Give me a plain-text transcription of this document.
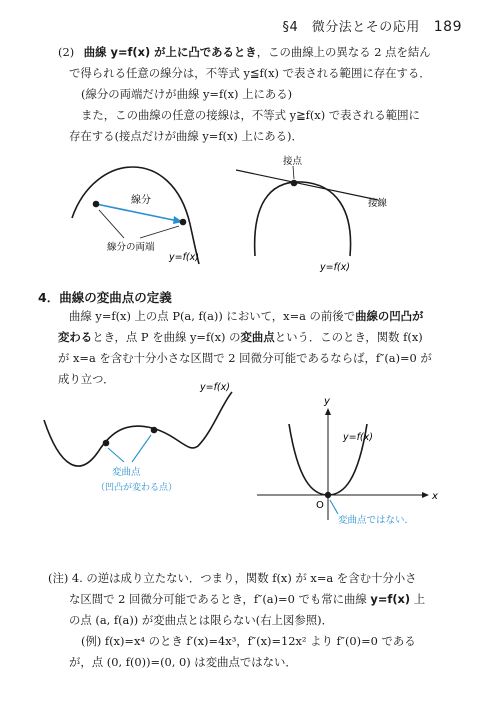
§4　微分法とその応用 189
(2) 曲線 y=f(x) が上に凸であるとき，この曲線上の異なる 2 点を結ん
で得られる任意の線分は，不等式 y≦f(x) で表される範囲に存在する．
(線分の両端だけが曲線 y=f(x) 上にある)
また，この曲線の任意の接線は，不等式 y≧f(x) で表される範囲に
存在する(接点だけが曲線 y=f(x) 上にある)．
線分
線分の両端
y=f(x)
接点
接線
y=f(x)
4．曲線の変曲点の定義
曲線 y=f(x) 上の点 P(a, f(a)) において，x=a の前後で曲線の凹凸が
変わるとき，点 P を曲線 y=f(x) の変曲点という．このとき，関数 f(x)
が x=a を含む十分小さな区間で 2 回微分可能であるならば，f″(a)=0 が
成り立つ．
y=f(x)
変曲点
（凹凸が変わる点）
x
y
O
y=f(x)
変曲点ではない．
(注) 4. の逆は成り立たない．つまり，関数 f(x) が x=a を含む十分小さ
な区間で 2 回微分可能であるとき，f″(a)=0 でも常に曲線 y=f(x) 上
の点 (a, f(a)) が変曲点とは限らない(右上図参照)．
(例) f(x)=x⁴ のとき f′(x)=4x³，f″(x)=12x² より f″(0)=0 である
が，点 (0, f(0))=(0, 0) は変曲点ではない．
